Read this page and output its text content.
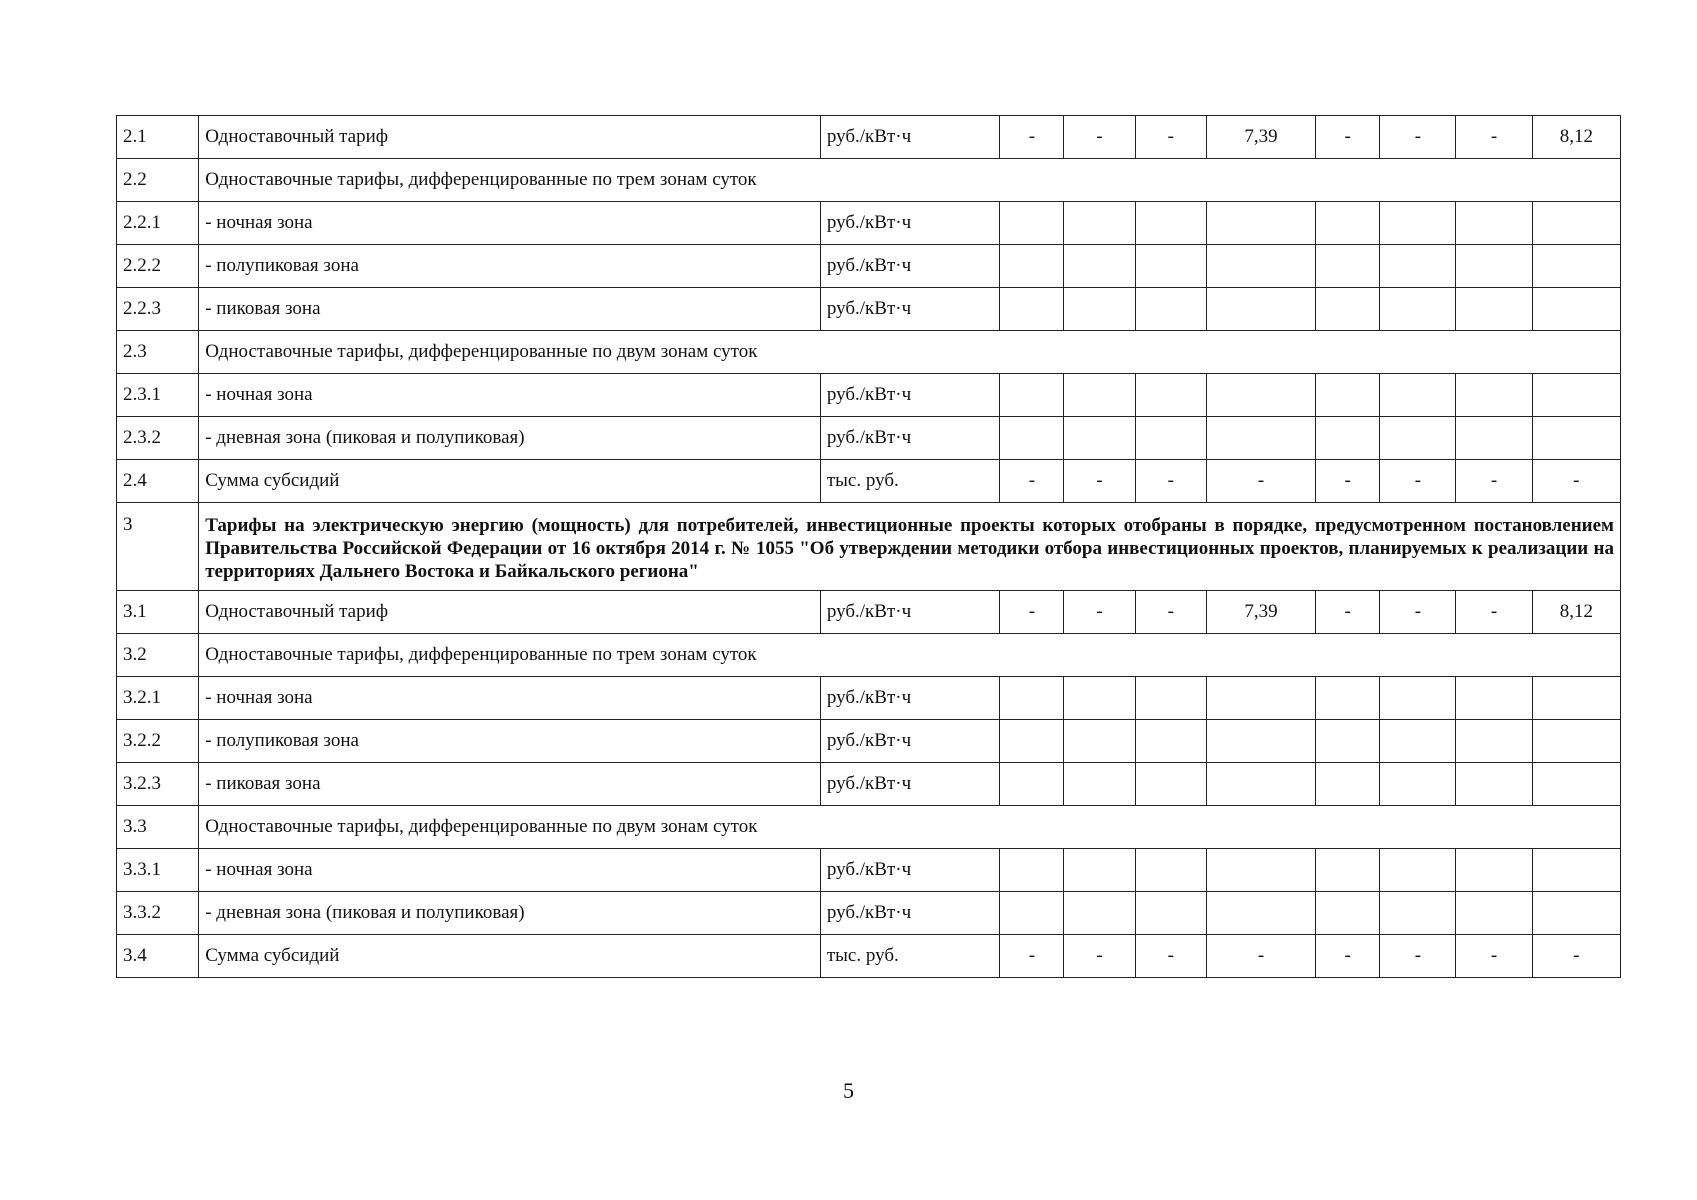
2.1	Одноставочный тариф	руб./кВт·ч	-	-	-	7,39	-	-	-	8,12
2.2	Одноставочные тарифы, дифференцированные по трем зонам суток									
2.2.1	- ночная зона	руб./кВт·ч								
2.2.2	- полупиковая зона	руб./кВт·ч								
2.2.3	- пиковая зона	руб./кВт·ч								
2.3	Одноставочные тарифы, дифференцированные по двум зонам суток									
2.3.1	- ночная зона	руб./кВт·ч								
2.3.2	- дневная зона (пиковая и полупиковая)	руб./кВт·ч								
2.4	Сумма субсидий	тыс. руб.	-	-	-	-	-	-	-	-
3	Тарифы на электрическую энергию (мощность) для потребителей, инвестиционные проекты которых отобраны в порядке, предусмотренном постановлением Правительства Российской Федерации от 16 октября 2014 г. № 1055 "Об утверждении методики отбора инвестиционных проектов, планируемых к реализации на территориях Дальнего Востока и Байкальского региона"									
3.1	Одноставочный тариф	руб./кВт·ч	-	-	-	7,39	-	-	-	8,12
3.2	Одноставочные тарифы, дифференцированные по трем зонам суток									
3.2.1	- ночная зона	руб./кВт·ч								
3.2.2	- полупиковая зона	руб./кВт·ч								
3.2.3	- пиковая зона	руб./кВт·ч								
3.3	Одноставочные тарифы, дифференцированные по двум зонам суток									
3.3.1	- ночная зона	руб./кВт·ч								
3.3.2	- дневная зона (пиковая и полупиковая)	руб./кВт·ч								
3.4	Сумма субсидий	тыс. руб.	-	-	-	-	-	-	-	-
5
